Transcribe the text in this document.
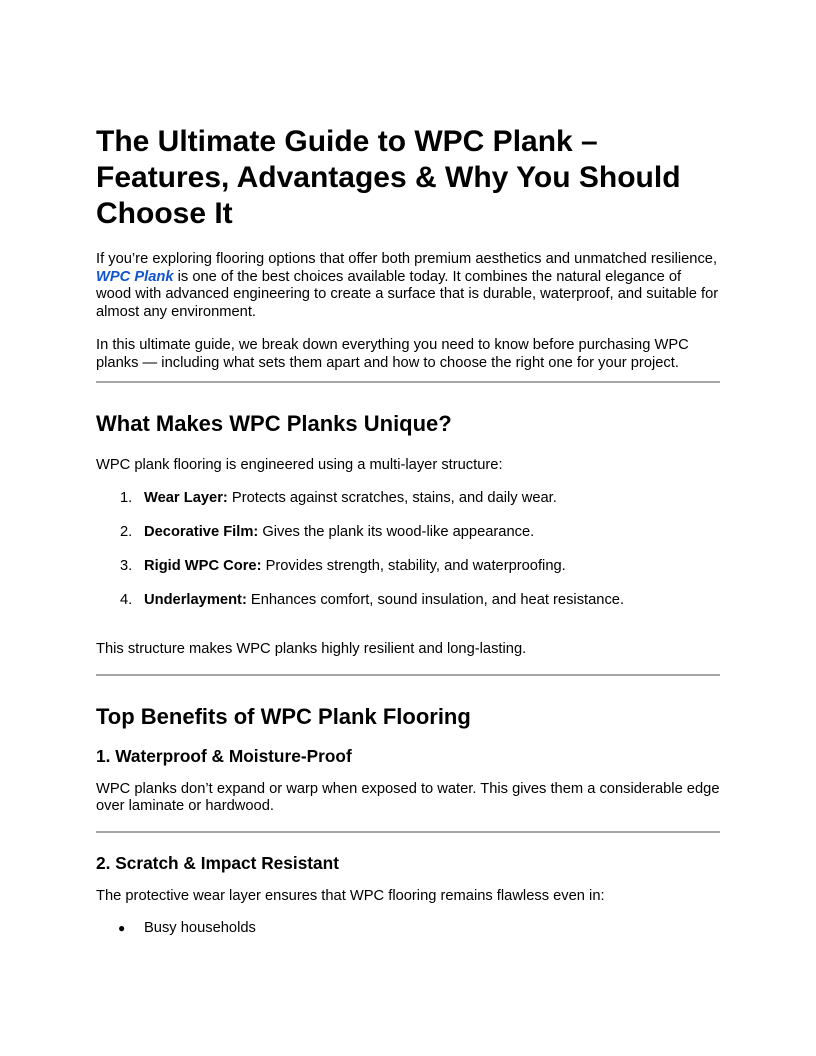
The Ultimate Guide to WPC Plank – Features, Advantages & Why You Should Choose It

If you’re exploring flooring options that offer both premium aesthetics and unmatched resilience,
WPC Plank is one of the best choices available today. It combines the natural elegance of wood with advanced engineering to create a surface that is durable, waterproof, and suitable for almost any environment.

In this ultimate guide, we break down everything you need to know before purchasing WPC planks — including what sets them apart and how to choose the right one for your project.

What Makes WPC Planks Unique?

WPC plank flooring is engineered using a multi-layer structure:

1. Wear Layer: Protects against scratches, stains, and daily wear.
2. Decorative Film: Gives the plank its wood-like appearance.
3. Rigid WPC Core: Provides strength, stability, and waterproofing.
4. Underlayment: Enhances comfort, sound insulation, and heat resistance.

This structure makes WPC planks highly resilient and long-lasting.

Top Benefits of WPC Plank Flooring
1. Waterproof & Moisture-Proof

WPC planks don’t expand or warp when exposed to water. This gives them a considerable edge over laminate or hardwood.

2. Scratch & Impact Resistant

The protective wear layer ensures that WPC flooring remains flawless even in:

● Busy households
